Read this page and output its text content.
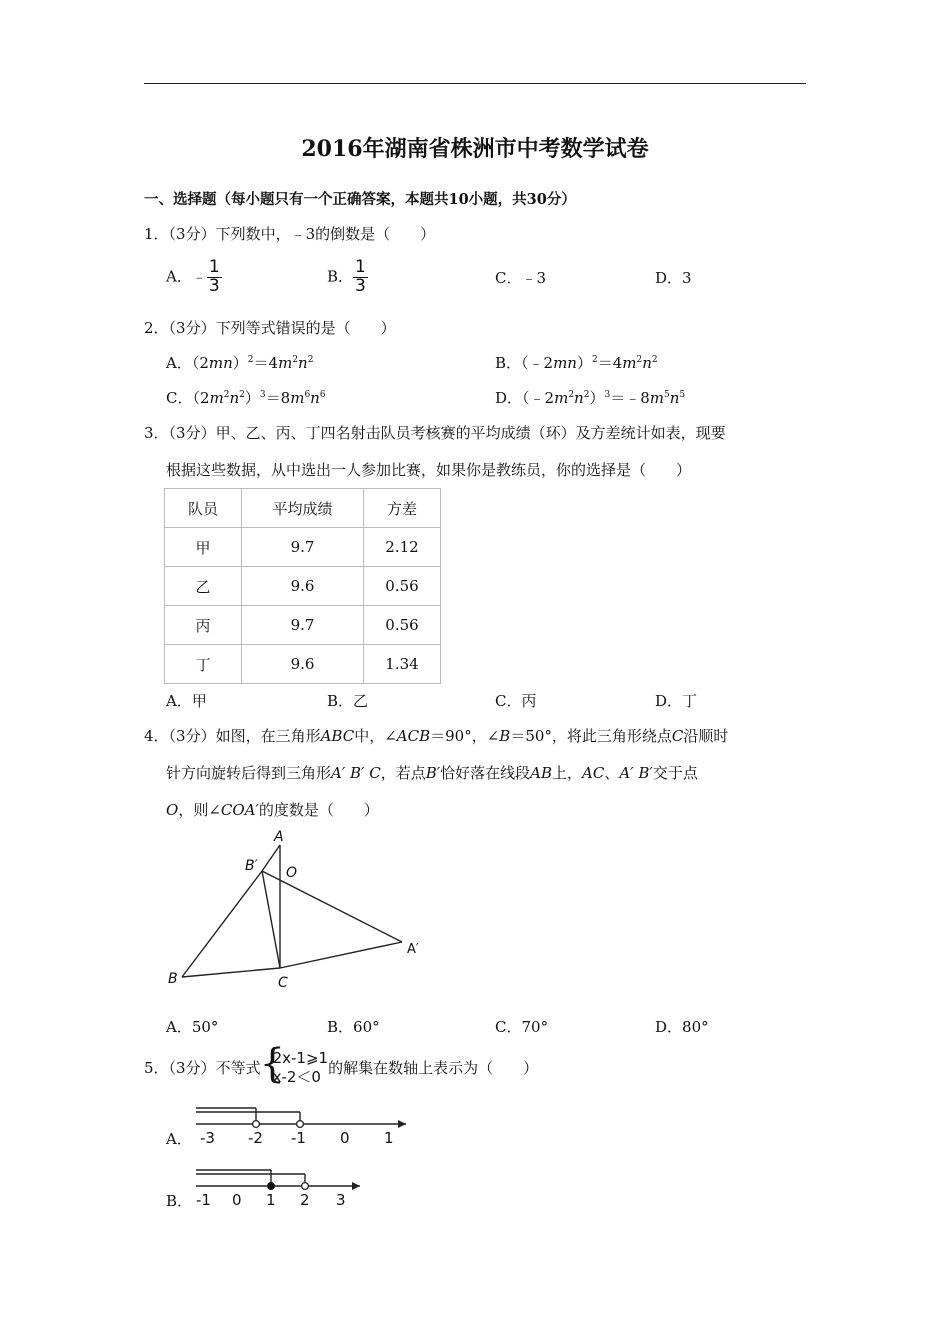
2016年湖南省株洲市中考数学试卷
一、选择题（每小题只有一个正确答案，本题共10小题，共30分）
1．（3分）下列数中，﹣3的倒数是（　　）
A．﹣ $\frac{1}{3}$	B． $\frac{1}{3}$	C．﹣3	D．3
2．（3分）下列等式错误的是（　　）
A．$(2mn)^2=4m^2n^2$	B．$(﹣2mn)^2=4m^2n^2$
C．$(2m^2n^2)^3=8m^6n^6$	D．$(﹣2m^2n^2)^3=﹣8m^5n^5$
3．（3分）甲、乙、丙、丁四名射击队员考核赛的平均成绩（环）及方差统计如表，现要
根据这些数据，从中选出一人参加比赛，如果你是教练员，你的选择是（　　）
队员	平均成绩	方差
甲	9.7	2.12
乙	9.6	0.56
丙	9.7	0.56
丁	9.6	1.34
A．甲	B．乙	C．丙	D．丁
4．（3分）如图，在三角形ABC中，∠ACB＝90°，∠B＝50°，将此三角形绕点C沿顺时
针方向旋转后得到三角形A′ B′ C，若点B′恰好落在线段AB上，AC、A′ B′交于点
O，则∠COA′的度数是（　　）
A
B	C
O
B′
A′
A．50°	B．60°	C．70°	D．80°
5．（3分）不等式 {
2x-1⩾1
x-2＜0 的解集在数轴上表示为（　　）
A． -3 -2 -1 0 1
B． -1 0 1 2 3
